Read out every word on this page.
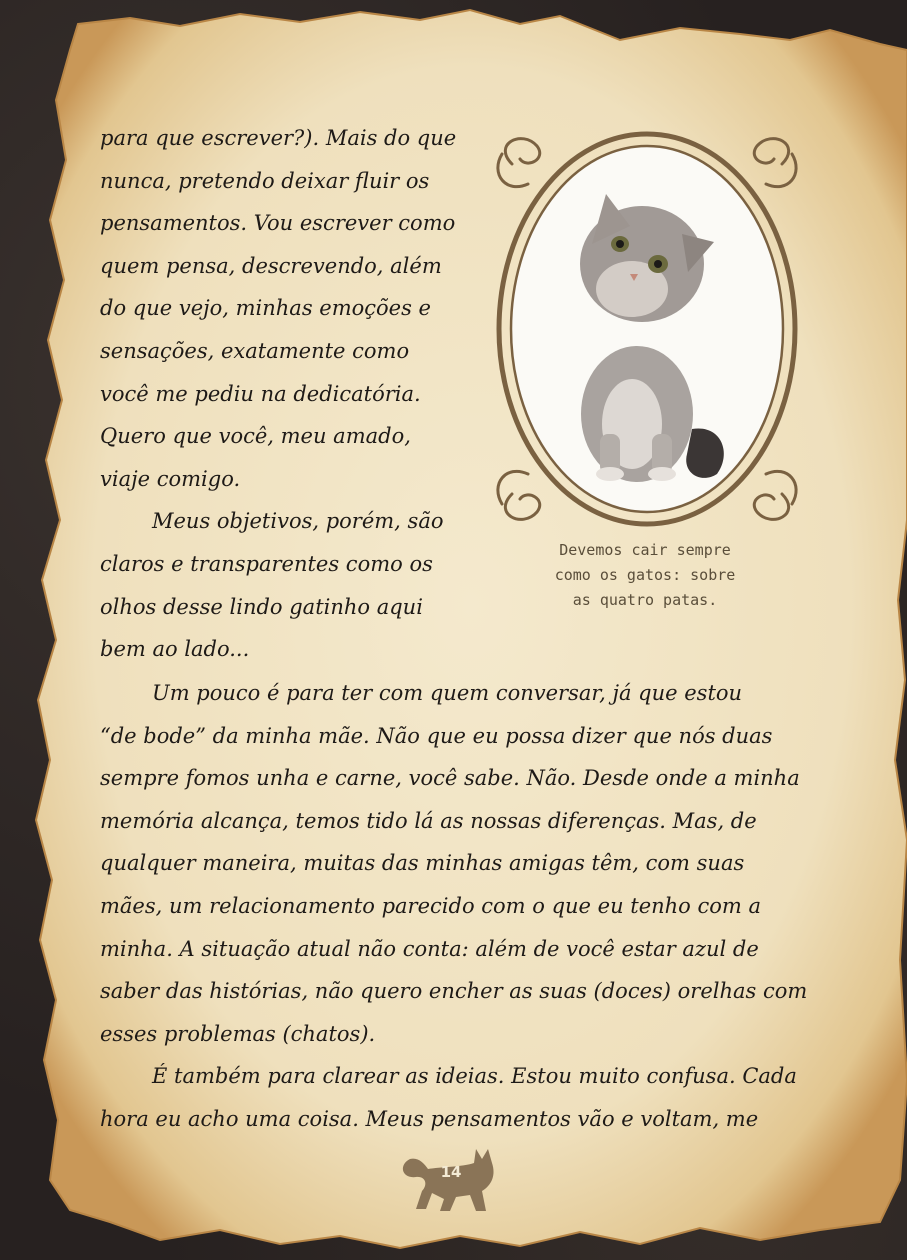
para que escrever?). Mais do que

nunca, pretendo deixar fluir os

pensamentos. Vou escrever como

quem pensa, descrevendo, além

do que vejo, minhas emoções e

sensações, exatamente como

você me pediu na dedicatória.

Quero que você, meu amado,

viaje comigo.

Meus objetivos, porém, são

claros e transparentes como os

olhos desse lindo gatinho aqui

bem ao lado...

Devemos cair sempre
como os gatos: sobre
as quatro patas.

Um pouco é para ter com quem conversar, já que estou

“de bode” da minha mãe. Não que eu possa dizer que nós duas

sempre fomos unha e carne, você sabe. Não. Desde onde a minha

memória alcança, temos tido lá as nossas diferenças. Mas, de

qualquer maneira, muitas das minhas amigas têm, com suas

mães, um relacionamento parecido com o que eu tenho com a

minha. A situação atual não conta: além de você estar azul de

saber das histórias, não quero encher as suas (doces) orelhas com

esses problemas (chatos).

É também para clarear as ideias. Estou muito confusa. Cada

hora eu acho uma coisa. Meus pensamentos vão e voltam, me

14
